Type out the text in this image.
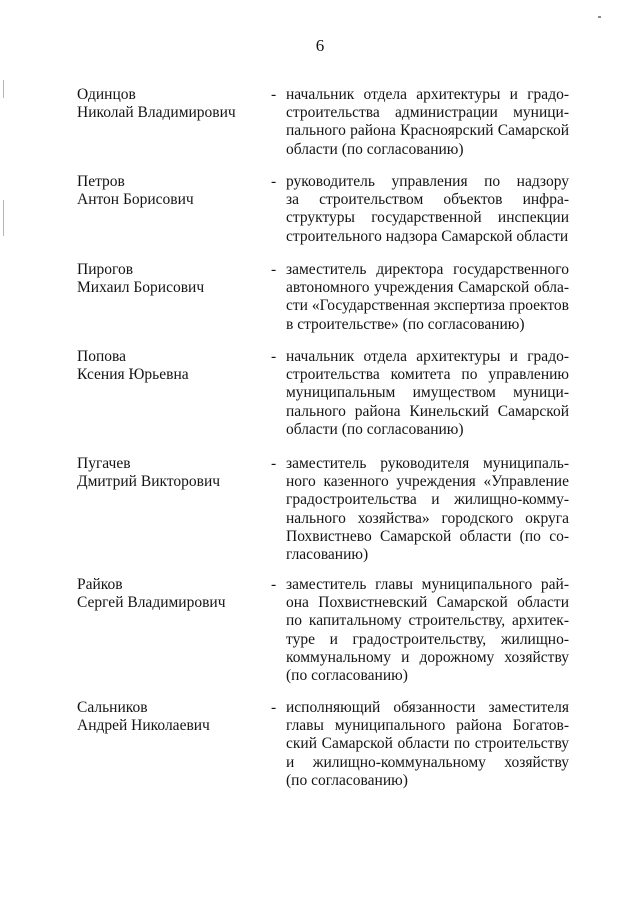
6
Одинцов
Николай Владимирович
- начальник отдела архитектуры и градо-
строительства администрации муници-
пального района Красноярский Самарской
области (по согласованию)
Петров
Антон Борисович
- руководитель управления по надзору
за строительством объектов инфра-
структуры государственной инспекции
строительного надзора Самарской области
Пирогов
Михаил Борисович
- заместитель директора государственного
автономного учреждения Самарской обла-
сти «Государственная экспертиза проектов
в строительстве» (по согласованию)
Попова
Ксения Юрьевна
- начальник отдела архитектуры и градо-
строительства комитета по управлению
муниципальным имуществом муници-
пального района Кинельский Самарской
области (по согласованию)
Пугачев
Дмитрий Викторович
- заместитель руководителя муниципаль-
ного казенного учреждения «Управление
градостроительства и жилищно-комму-
нального хозяйства» городского округа
Похвистнево Самарской области (по со-
гласованию)
Райков
Сергей Владимирович
- заместитель главы муниципального рай-
она Похвистневский Самарской области
по капитальному строительству, архитек-
туре и градостроительству, жилищно-
коммунальному и дорожному хозяйству
(по согласованию)
Сальников
Андрей Николаевич
- исполняющий обязанности заместителя
главы муниципального района Богатов-
ский Самарской области по строительству
и жилищно-коммунальному хозяйству
(по согласованию)
